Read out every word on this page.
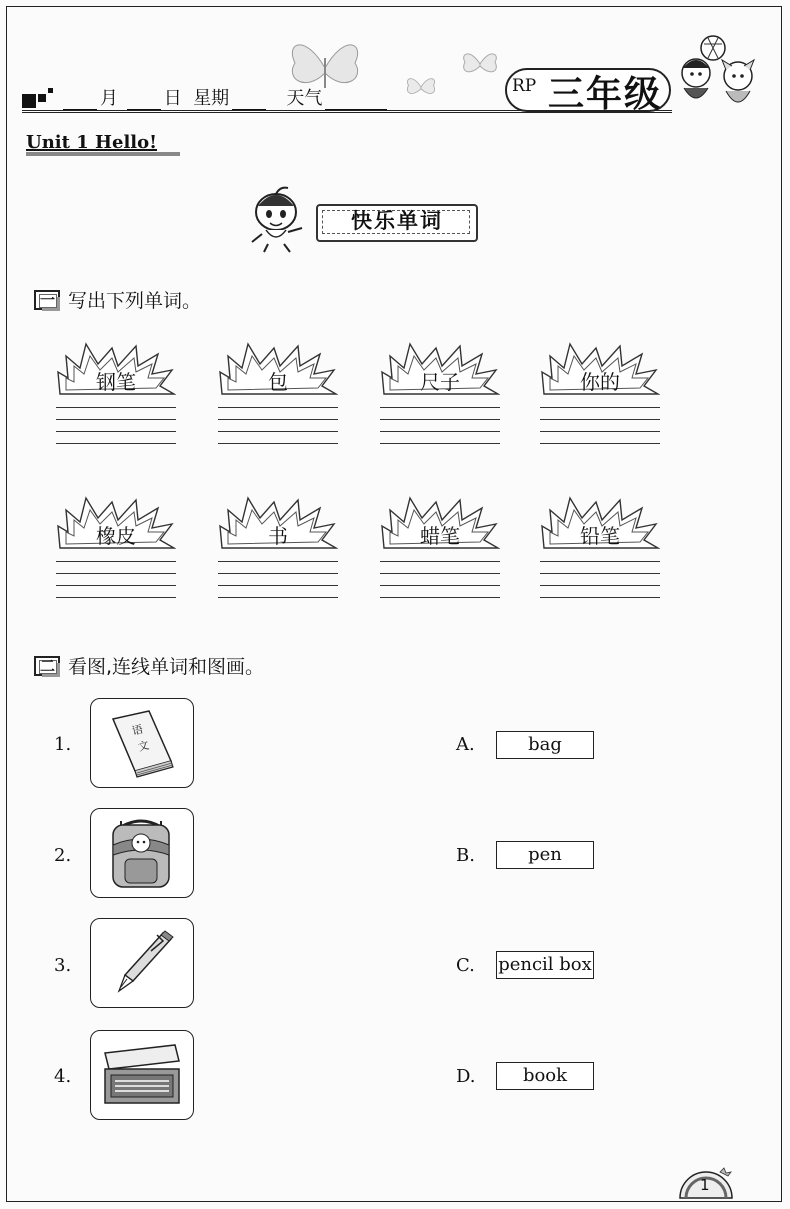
月	日 星期	天气
RP 三年级
Unit 1 Hello!
快乐单词
一 写出下列单词。
钢笔	包	尺子	你的
橡皮	书	蜡笔	铅笔
二 看图,连线单词和图画。
1.
语
文
2.
3.
4.
A.	bag
B.	pen
C. pencil box
D.	book
1
